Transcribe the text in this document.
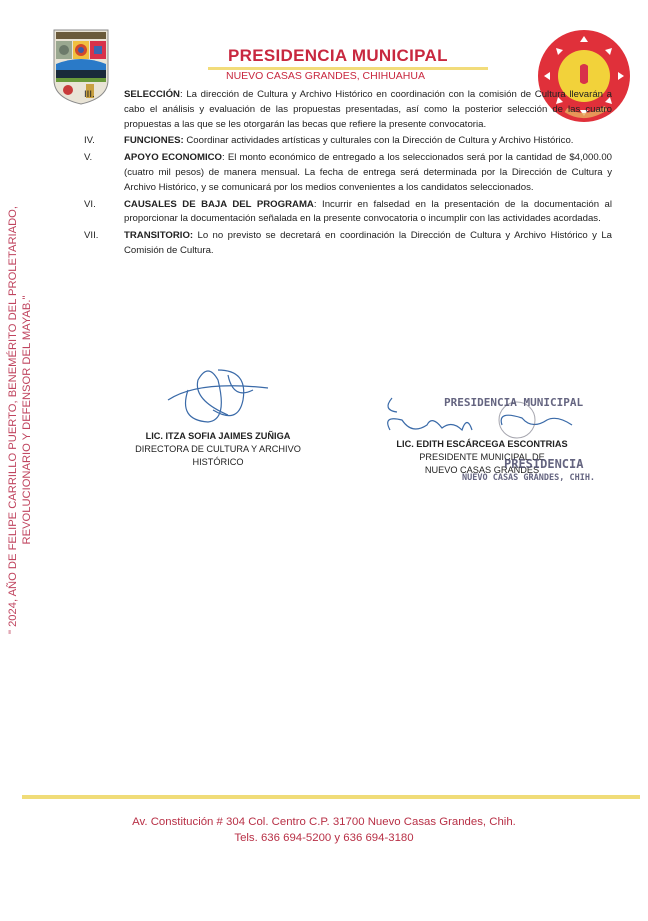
PRESIDENCIA MUNICIPAL
NUEVO CASAS GRANDES, CHIHUAHUA
" 2024, AÑO DE FELIPE CARRILLO PUERTO, BENEMÉRITO DEL PROLETARIADO, REVOLUCIONARIO Y DEFENSOR DEL MAYAB."
III.	SELECCIÓN: La dirección de Cultura y Archivo Histórico en coordinación con la comisión de Cultura llevarán a cabo el análisis y evaluación de las propuestas presentadas, así como la posterior selección de las cuatro propuestas a las que se les otorgarán las becas que refiere la presente convocatoria.
IV.	FUNCIONES: Coordinar actividades artísticas y culturales con la Dirección de Cultura y Archivo Histórico.
V.	APOYO ECONOMICO: El monto económico de entregado a los seleccionados será por la cantidad de $4,000.00 (cuatro mil pesos) de manera mensual. La fecha de entrega será determinada por la Dirección de Cultura y Archivo Histórico, y se comunicará por los medios convenientes a los candidatos seleccionados.
VI.	CAUSALES DE BAJA DEL PROGRAMA: Incurrir en falsedad en la presentación de la documentación al proporcionar la documentación señalada en la presente convocatoria o incumplir con las actividades acordadas.
VII.	TRANSITORIO: Lo no previsto se decretará en coordinación la Dirección de Cultura y Archivo Histórico y La Comisión de Cultura.
LIC. ITZA SOFIA JAIMES ZUÑIGA
DIRECTORA DE CULTURA Y ARCHIVO
HISTÓRICO
PRESIDENCIA MUNICIPAL
LIC. EDITH ESCÁRCEGA ESCONTRIAS
PRESIDENTE MUNICIPAL DE
NUEVO CASAS GRANDES
PRESIDENCIA
NUEVO CASAS GRANDES, CHIH.
Av. Constitución # 304 Col. Centro C.P. 31700 Nuevo Casas Grandes, Chih.
Tels. 636 694-5200 y 636 694-3180
